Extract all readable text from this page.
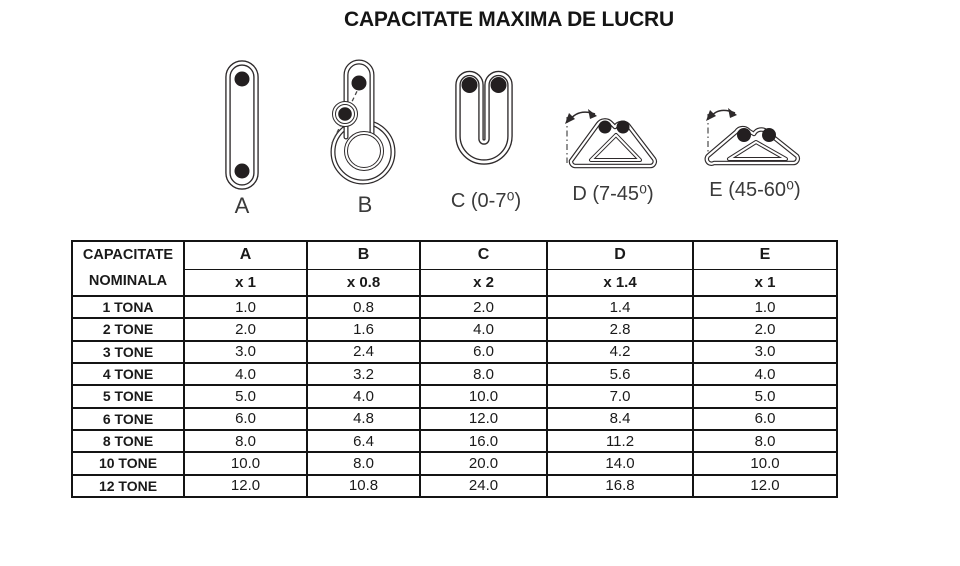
CAPACITATE MAXIMA DE LUCRU
A	B	C (0-7⁰)	D (7-45⁰)	E (45-60⁰)
CAPACITATE
NOMINALA	A	B	C	D	E
	x 1	x 0.8	x 2	x 1.4	x 1
1 TONA	1.0	0.8	2.0	1.4	1.0
2 TONE	2.0	1.6	4.0	2.8	2.0
3 TONE	3.0	2.4	6.0	4.2	3.0
4 TONE	4.0	3.2	8.0	5.6	4.0
5 TONE	5.0	4.0	10.0	7.0	5.0
6 TONE	6.0	4.8	12.0	8.4	6.0
8 TONE	8.0	6.4	16.0	11.2	8.0
10 TONE	10.0	8.0	20.0	14.0	10.0
12 TONE	12.0	10.8	24.0	16.8	12.0
